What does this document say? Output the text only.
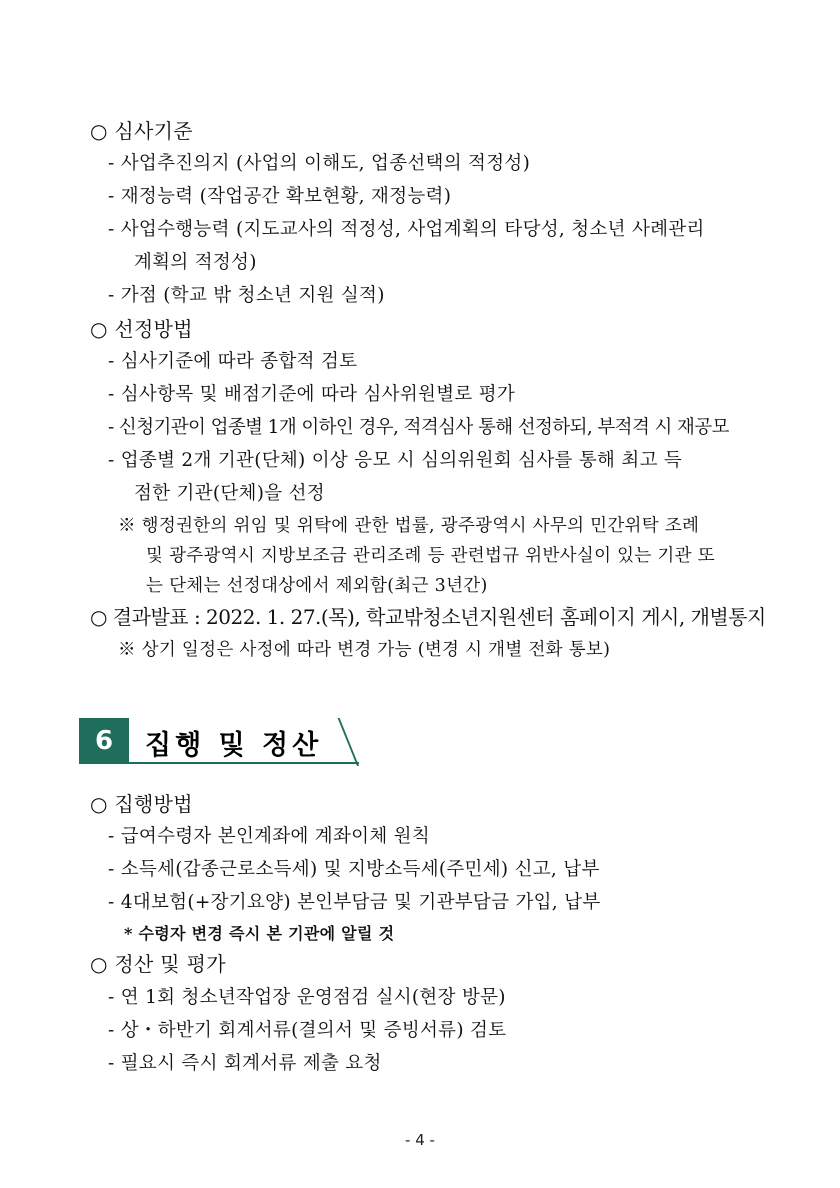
○ 심사기준
- 사업추진의지 (사업의 이해도, 업종선택의 적정성)
- 재정능력 (작업공간 확보현황, 재정능력)
- 사업수행능력 (지도교사의 적정성, 사업계획의 타당성, 청소년 사례관리
계획의 적정성)
- 가점 (학교 밖 청소년 지원 실적)
○ 선정방법
- 심사기준에 따라 종합적 검토
- 심사항목 및 배점기준에 따라 심사위원별로 평가
- 신청기관이 업종별 1개 이하인 경우, 적격심사 통해 선정하되, 부적격 시 재공모
- 업종별 2개 기관(단체) 이상 응모 시 심의위원회 심사를 통해 최고 득
점한 기관(단체)을 선정
※ 행정권한의 위임 및 위탁에 관한 법률, 광주광역시 사무의 민간위탁 조례
및 광주광역시 지방보조금 관리조례 등 관련법규 위반사실이 있는 기관 또
는 단체는 선정대상에서 제외함(최근 3년간)
○ 결과발표 : 2022. 1. 27.(목), 학교밖청소년지원센터 홈페이지 게시, 개별통지
※ 상기 일정은 사정에 따라 변경 가능 (변경 시 개별 전화 통보)
6	집행 및 정산
○ 집행방법
- 급여수령자 본인계좌에 계좌이체 원칙
- 소득세(갑종근로소득세) 및 지방소득세(주민세) 신고, 납부
- 4대보험(+장기요양) 본인부담금 및 기관부담금 가입, 납부
* 수령자 변경 즉시 본 기관에 알릴 것
○ 정산 및 평가
- 연 1회 청소년작업장 운영점검 실시(현장 방문)
- 상・하반기 회계서류(결의서 및 증빙서류) 검토
- 필요시 즉시 회계서류 제출 요청
- 4 -
